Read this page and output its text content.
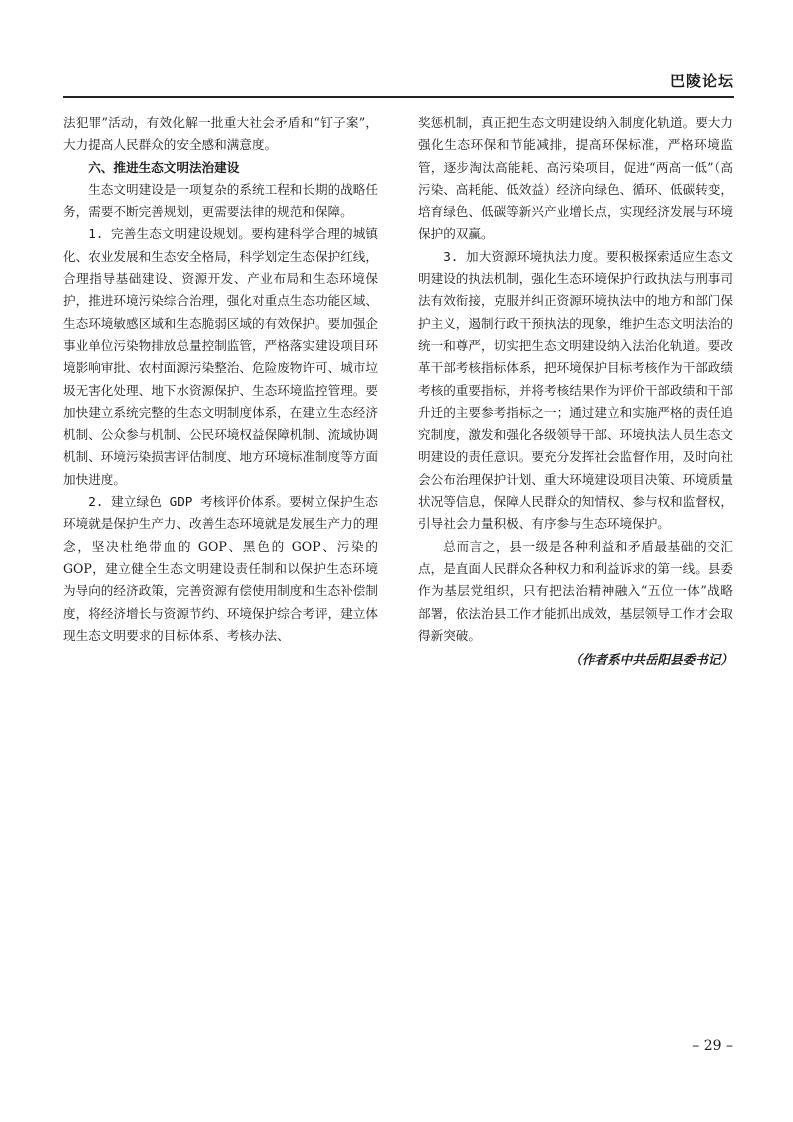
巴陵论坛

法犯罪”活动，有效化解一批重大社会矛盾和“钉子案”，大力提高人民群众的安全感和满意度。

六、推进生态文明法治建设

生态文明建设是一项复杂的系统工程和长期的战略任务，需要不断完善规划，更需要法律的规范和保障。

1. 完善生态文明建设规划。要构建科学合理的城镇化、农业发展和生态安全格局，科学划定生态保护红线，合理指导基础建设、资源开发、产业布局和生态环境保护，推进环境污染综合治理，强化对重点生态功能区域、生态环境敏感区域和生态脆弱区域的有效保护。要加强企事业单位污染物排放总量控制监管，严格落实建设项目环境影响审批、农村面源污染整治、危险废物许可、城市垃圾无害化处理、地下水资源保护、生态环境监控管理。要加快建立系统完整的生态文明制度体系，在建立生态经济机制、公众参与机制、公民环境权益保障机制、流域协调机制、环境污染损害评估制度、地方环境标准制度等方面加快进度。

2. 建立绿色 GDP 考核评价体系。要树立保护生态环境就是保护生产力、改善生态环境就是发展生产力的理念，坚决杜绝带血的 GOP、黑色的 GOP、污染的 GOP，建立健全生态文明建设责任制和以保护生态环境为导向的经济政策，完善资源有偿使用制度和生态补偿制度，将经济增长与资源节约、环境保护综合考评，建立体现生态文明要求的目标体系、考核办法、

奖惩机制，真正把生态文明建设纳入制度化轨道。要大力强化生态环保和节能减排，提高环保标准，严格环境监管，逐步淘汰高能耗、高污染项目，促进“两高一低”（高污染、高耗能、低效益）经济向绿色、循环、低碳转变，培育绿色、低碳等新兴产业增长点，实现经济发展与环境保护的双赢。

3. 加大资源环境执法力度。要积极探索适应生态文明建设的执法机制，强化生态环境保护行政执法与刑事司法有效衔接，克服并纠正资源环境执法中的地方和部门保护主义，遏制行政干预执法的现象，维护生态文明法治的统一和尊严，切实把生态文明建设纳入法治化轨道。要改革干部考核指标体系，把环境保护目标考核作为干部政绩考核的重要指标，并将考核结果作为评价干部政绩和干部升迁的主要参考指标之一；通过建立和实施严格的责任追究制度，激发和强化各级领导干部、环境执法人员生态文明建设的责任意识。要充分发挥社会监督作用，及时向社会公布治理保护计划、重大环境建设项目决策、环境质量状况等信息，保障人民群众的知情权、参与权和监督权，引导社会力量积极、有序参与生态环境保护。

总而言之，县一级是各种利益和矛盾最基础的交汇点，是直面人民群众各种权力和利益诉求的第一线。县委作为基层党组织，只有把法治精神融入“五位一体”战略部署，依法治县工作才能抓出成效，基层领导工作才会取得新突破。

（作者系中共岳阳县委书记）
– 29 –
